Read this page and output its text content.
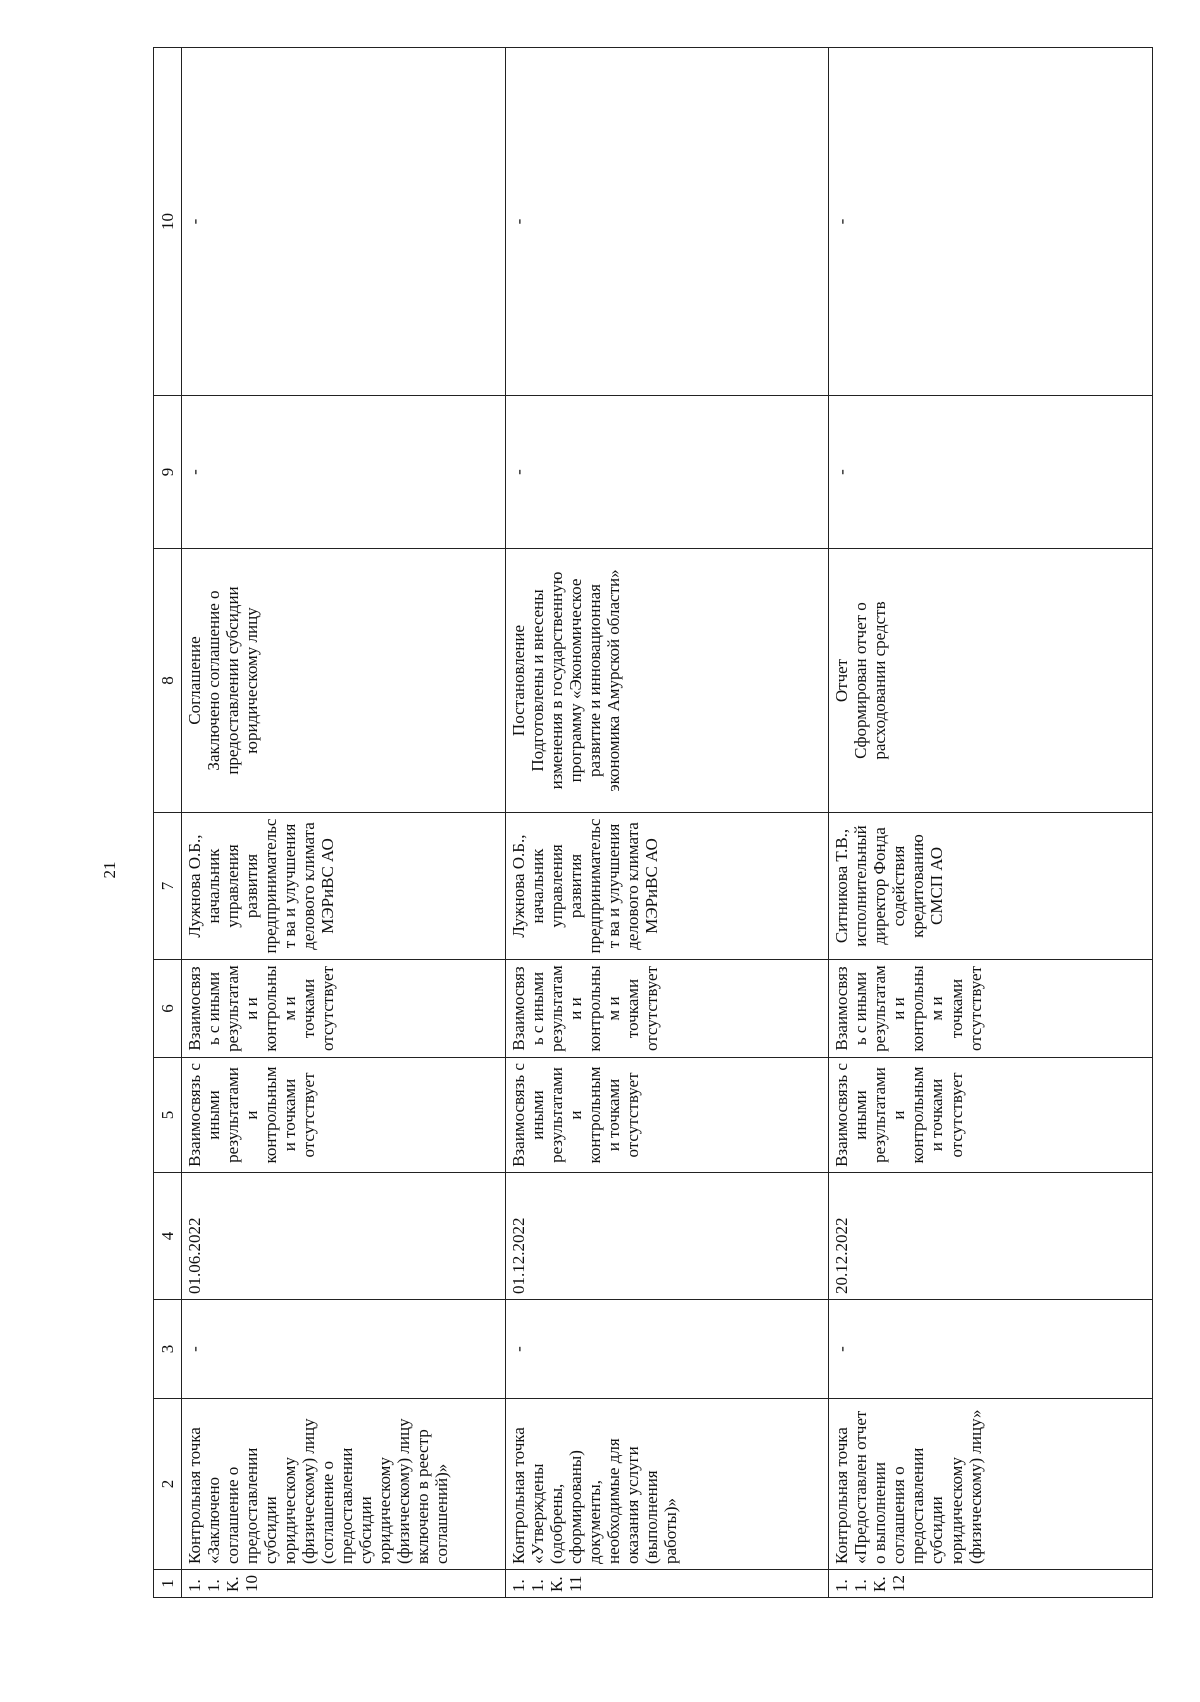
21
1	2	3	4	5	6	7	8	9	10
1.1. К.10	Контрольная точка «Заключено соглашение о предоставлении субсидии юридическому (физическому) лицу (соглашение о предоставлении субсидии юридическому (физическому) лицу включено в реестр соглашений)»	-	01.06.2022	Взаимосвязь с иными результатами и контрольным и точками отсутствует	Взаимосвязь с иными результатами и контрольным и точками отсутствует	Лужнова О.Б., начальник управления развития предпринимательст ва и улучшения делового климата МЭРиВС АО	Соглашение Заключено соглашение о предоставлении субсидии юридическому лицу	-	-
1.1. К.11	Контрольная точка «Утверждены (одобрены, сформированы) документы, необходимые для оказания услуги (выполнения работы)»	-	01.12.2022	Взаимосвязь с иными результатами и контрольным и точками отсутствует	Взаимосвязь с иными результатами и контрольным и точками отсутствует	Лужнова О.Б., начальник управления развития предпринимательст ва и улучшения делового климата МЭРиВС АО	Постановление Подготовлены и внесены изменения в государственную программу «Экономическое развитие и инновационная экономика Амурской области»	-	-
1.1. К.12	Контрольная точка «Предоставлен отчет о выполнении соглашения о предоставлении субсидии юридическому (физическому) лицу»	-	20.12.2022	Взаимосвязь с иными результатами и контрольным и точками отсутствует	Взаимосвязь с иными результатами и контрольным и точками отсутствует	Ситникова Т.В., исполнительный директор Фонда содействия кредитованию СМСП АО	Отчет Сформирован отчет о расходовании средств	-	-
